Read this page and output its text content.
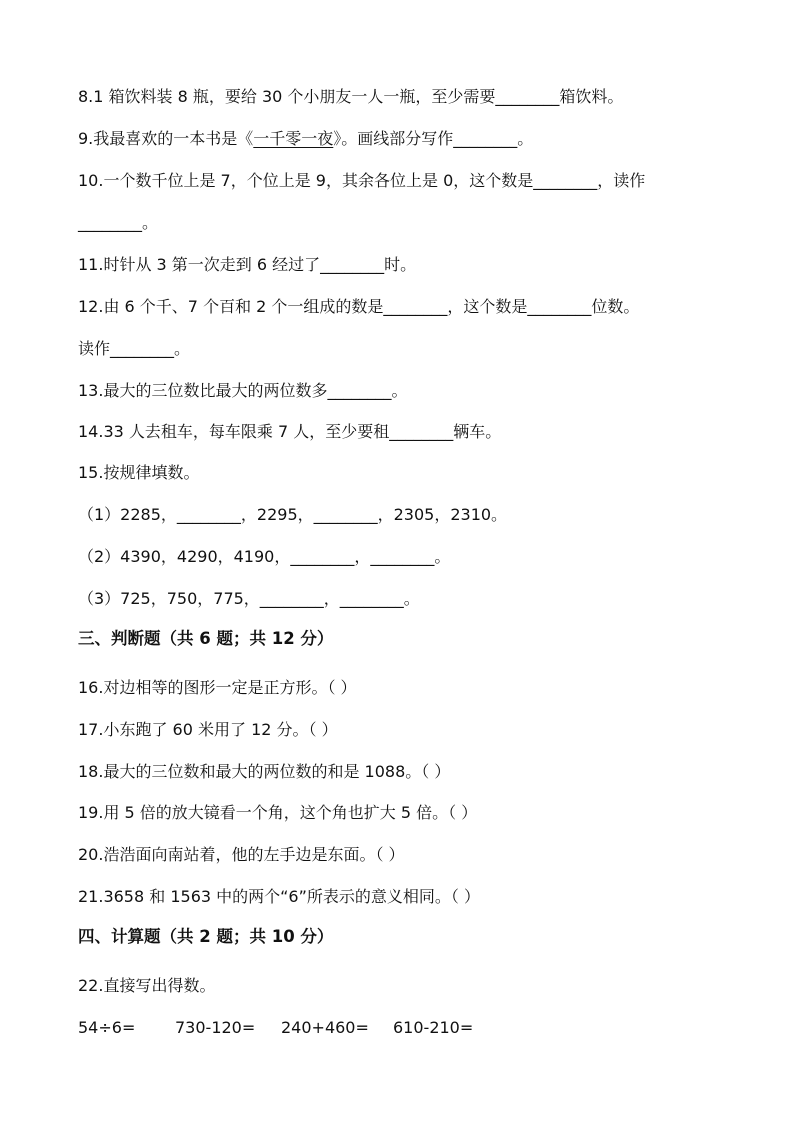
8.1 箱饮料装 8 瓶，要给 30 个小朋友一人一瓶，至少需要________箱饮料。
9.我最喜欢的一本书是《一千零一夜》。画线部分写作________。
10.一个数千位上是 7，个位上是 9，其余各位上是 0，这个数是________，读作
________。
11.时针从 3 第一次走到 6 经过了________时。
12.由 6 个千、7 个百和 2 个一组成的数是________，这个数是________位数。
读作________。
13.最大的三位数比最大的两位数多________。
14.33 人去租车，每车限乘 7 人，至少要租________辆车。
15.按规律填数。
（1）2285，________，2295，________，2305，2310。
（2）4390，4290，4190，________，________。
（3）725，750，775，________，________。
三、判断题（共 6 题；共 12 分）
16.对边相等的图形一定是正方形。（ ）
17.小东跑了 60 米用了 12 分。（ ）
18.最大的三位数和最大的两位数的和是 1088。（ ）
19.用 5 倍的放大镜看一个角，这个角也扩大 5 倍。（ ）
20.浩浩面向南站着，他的左手边是东面。（ ）
21.3658 和 1563 中的两个“6”所表示的意义相同。（ ）
四、计算题（共 2 题；共 10 分）
22.直接写出得数。
54÷6= 730-120= 240+460= 610-210=
